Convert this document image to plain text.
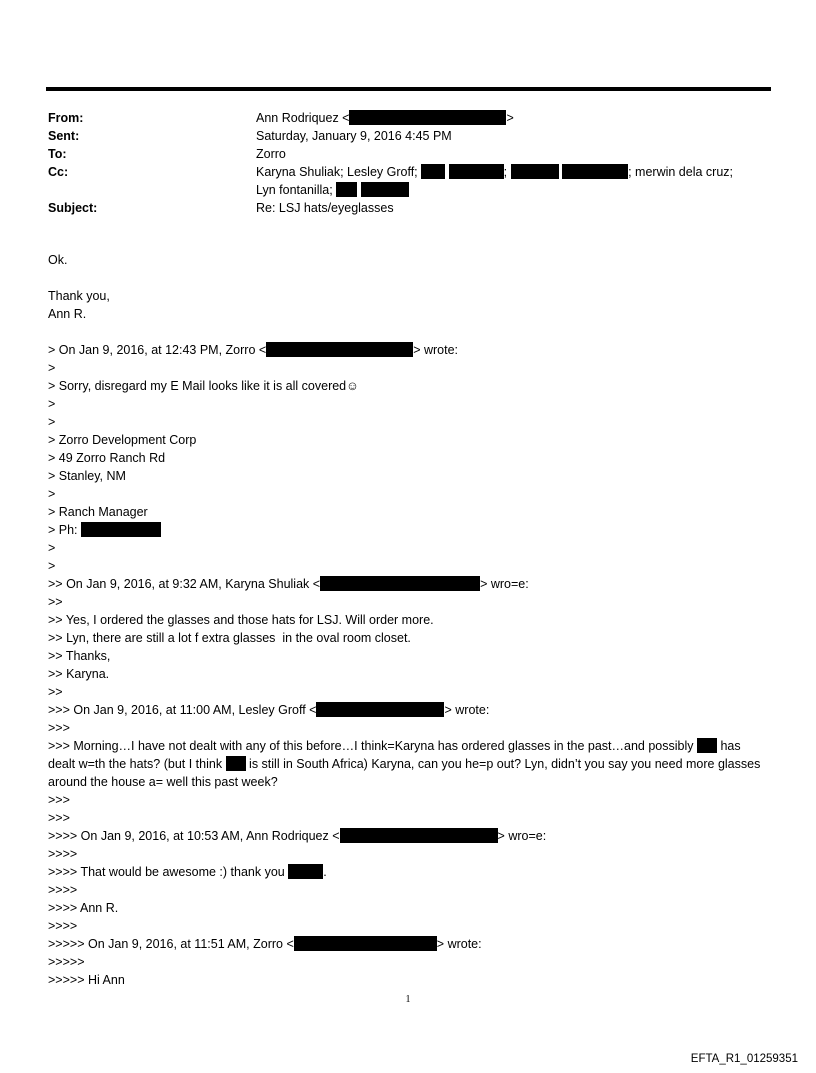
From:	Ann Rodriquez <	>
Sent:	Saturday, January 9, 2016 4:45 PM
To:	Zorro
Cc:	Karyna Shuliak; Lesley Groff;	;	; merwin dela cruz;
Lyn fontanilla;
Subject:	Re: LSJ hats/eyeglasses
Ok.
Thank you,
Ann R.
> On Jan 9, 2016, at 12:43 PM, Zorro <	> wrote:
>
> Sorry, disregard my E Mail looks like it is all covered☺
>
>
> Zorro Development Corp
> 49 Zorro Ranch Rd
> Stanley, NM
>
> Ranch Manager
> Ph:
>
>
>> On Jan 9, 2016, at 9:32 AM, Karyna Shuliak <	> wro=e:
>>
>> Yes, I ordered the glasses and those hats for LSJ. Will order more.
>> Lyn, there are still a lot f extra glasses  in the oval room closet.
>> Thanks,
>> Karyna.
>>
>>> On Jan 9, 2016, at 11:00 AM, Lesley Groff <	> wrote:
>>>
>>> Morning…I have not dealt with any of this before…I think=Karyna has ordered glasses in the past…and possibly has dealt w=th the hats? (but I think is still in South Africa) Karyna, can you he=p out? Lyn, didn’t you say you need more glasses around the house a= well this past week?
>>>
>>>
>>>> On Jan 9, 2016, at 10:53 AM, Ann Rodriquez <	> wro=e:
>>>>
>>>> That would be awesome :) thank you	.
>>>>
>>>> Ann R.
>>>>
>>>>> On Jan 9, 2016, at 11:51 AM, Zorro <	> wrote:
>>>>>
>>>>> Hi Ann
1
EFTA_R1_01259351
